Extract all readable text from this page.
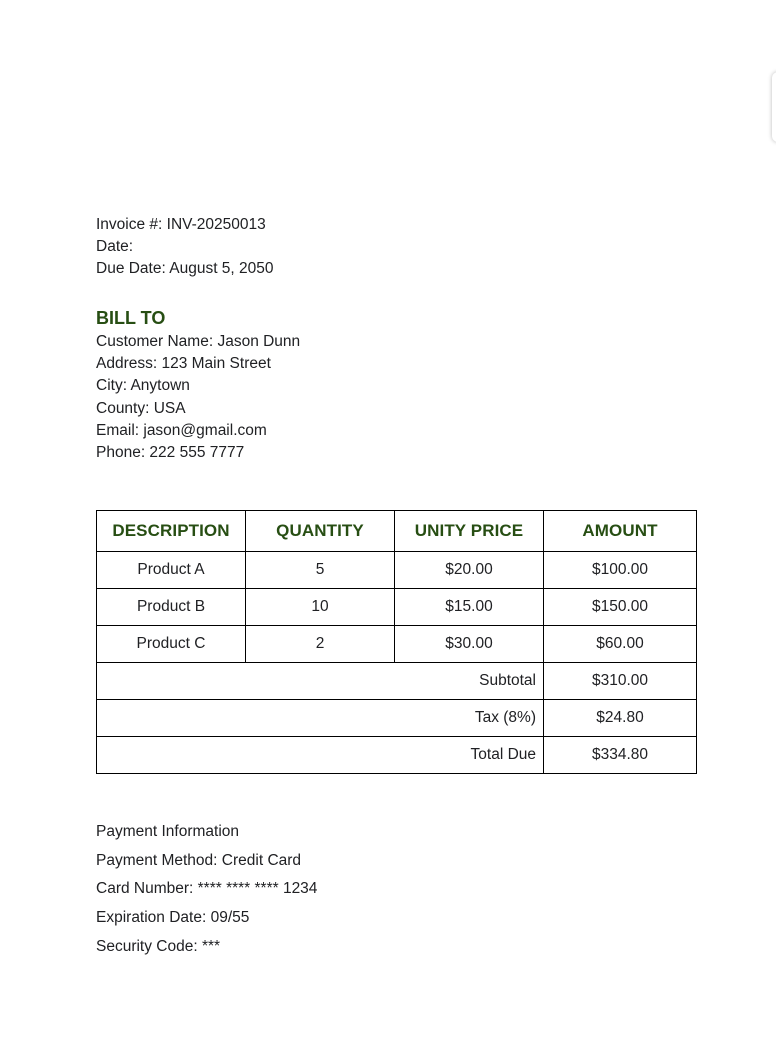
Invoice #: INV-20250013
Date:
Due Date: August 5, 2050
BILL TO
Customer Name: Jason Dunn
Address: 123 Main Street
City: Anytown
County: USA
Email: jason@gmail.com
Phone: 222 555 7777
DESCRIPTION	QUANTITY	UNITY PRICE	AMOUNT
Product A	5	$20.00	$100.00
Product B	10	$15.00	$150.00
Product C	2	$30.00	$60.00
Subtotal			$310.00
Tax (8%)			$24.80
Total Due			$334.80
Payment Information
Payment Method: Credit Card
Card Number: **** **** **** 1234
Expiration Date: 09/55
Security Code: ***
